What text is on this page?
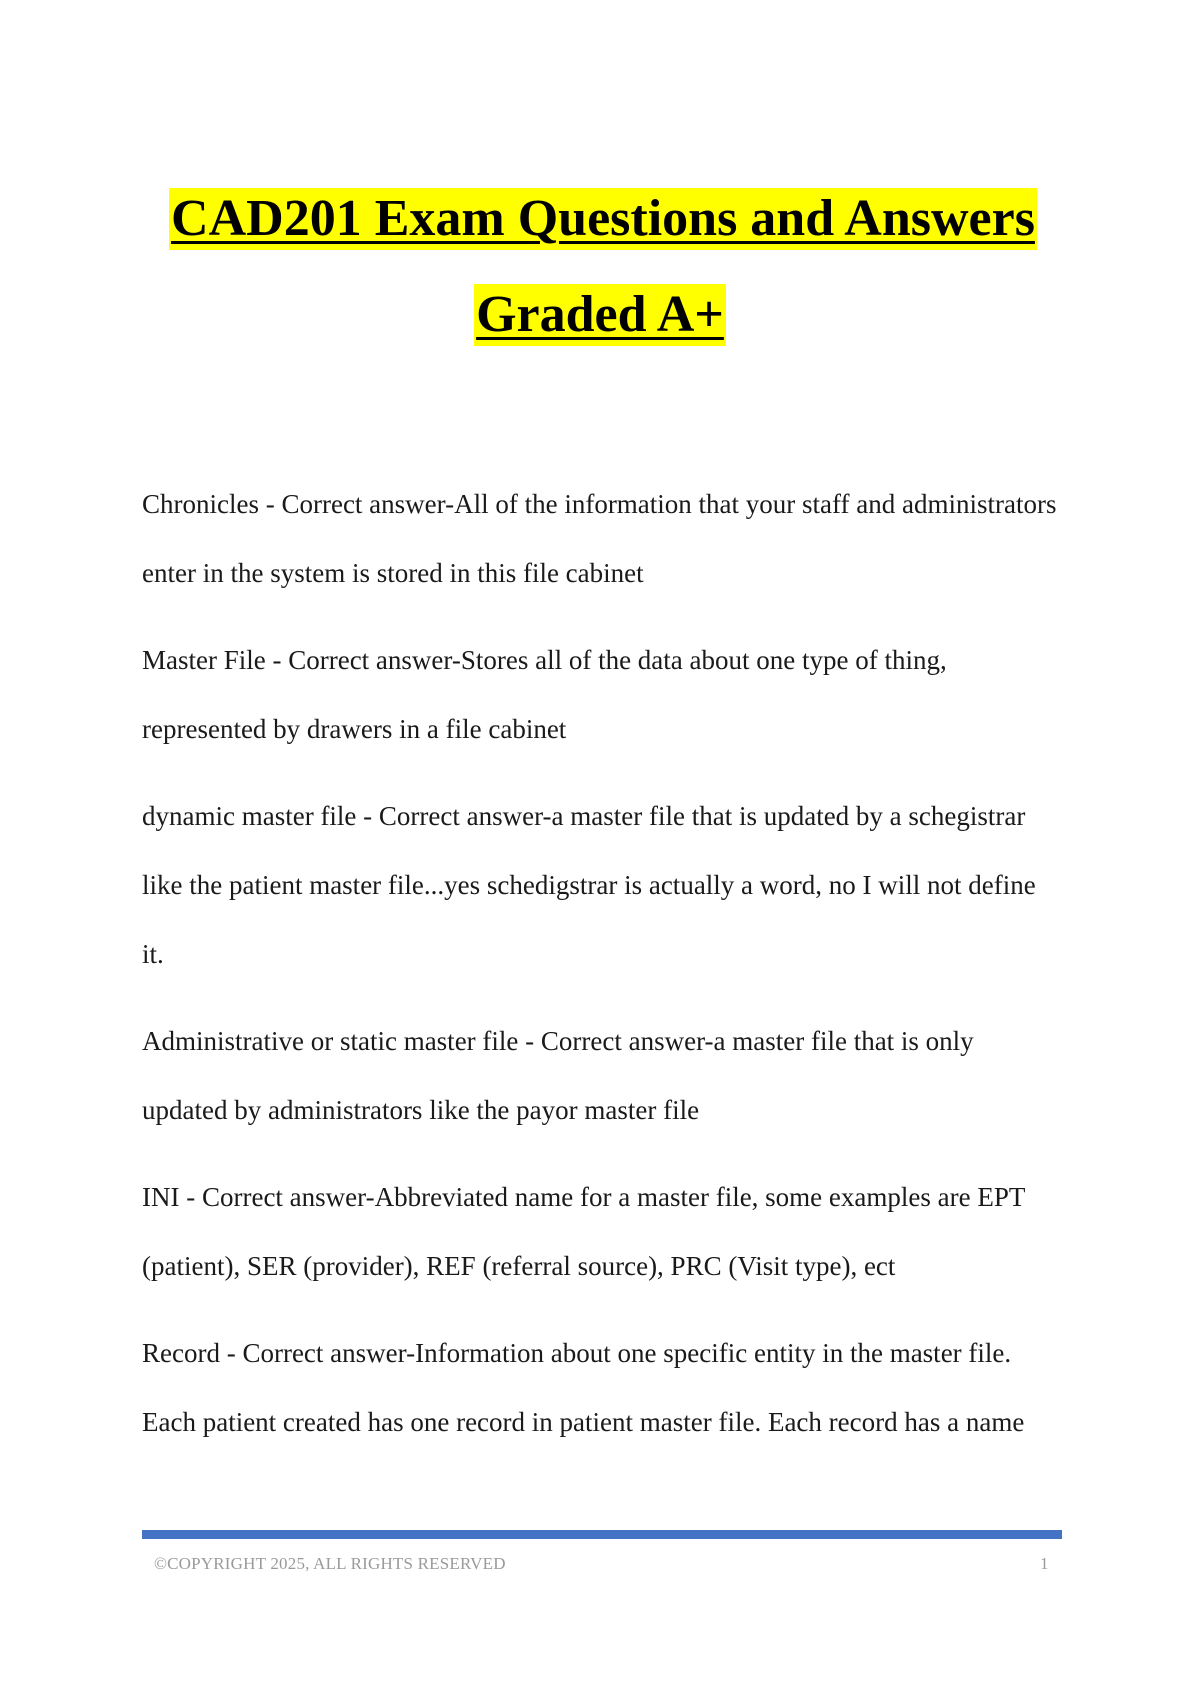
CAD201 Exam Questions and Answers
Graded A+

Chronicles - Correct answer-All of the information that your staff and administrators enter in the system is stored in this file cabinet

Master File - Correct answer-Stores all of the data about one type of thing, represented by drawers in a file cabinet

dynamic master file - Correct answer-a master file that is updated by a schegistrar like the patient master file...yes schedigstrar is actually a word, no I will not define it.

Administrative or static master file - Correct answer-a master file that is only updated by administrators like the payor master file

INI - Correct answer-Abbreviated name for a master file, some examples are EPT (patient), SER (provider), REF (referral source), PRC (Visit type), ect

Record - Correct answer-Information about one specific entity in the master file. Each patient created has one record in patient master file. Each record has a name

©COPYRIGHT 2025, ALL RIGHTS RESERVED	1
